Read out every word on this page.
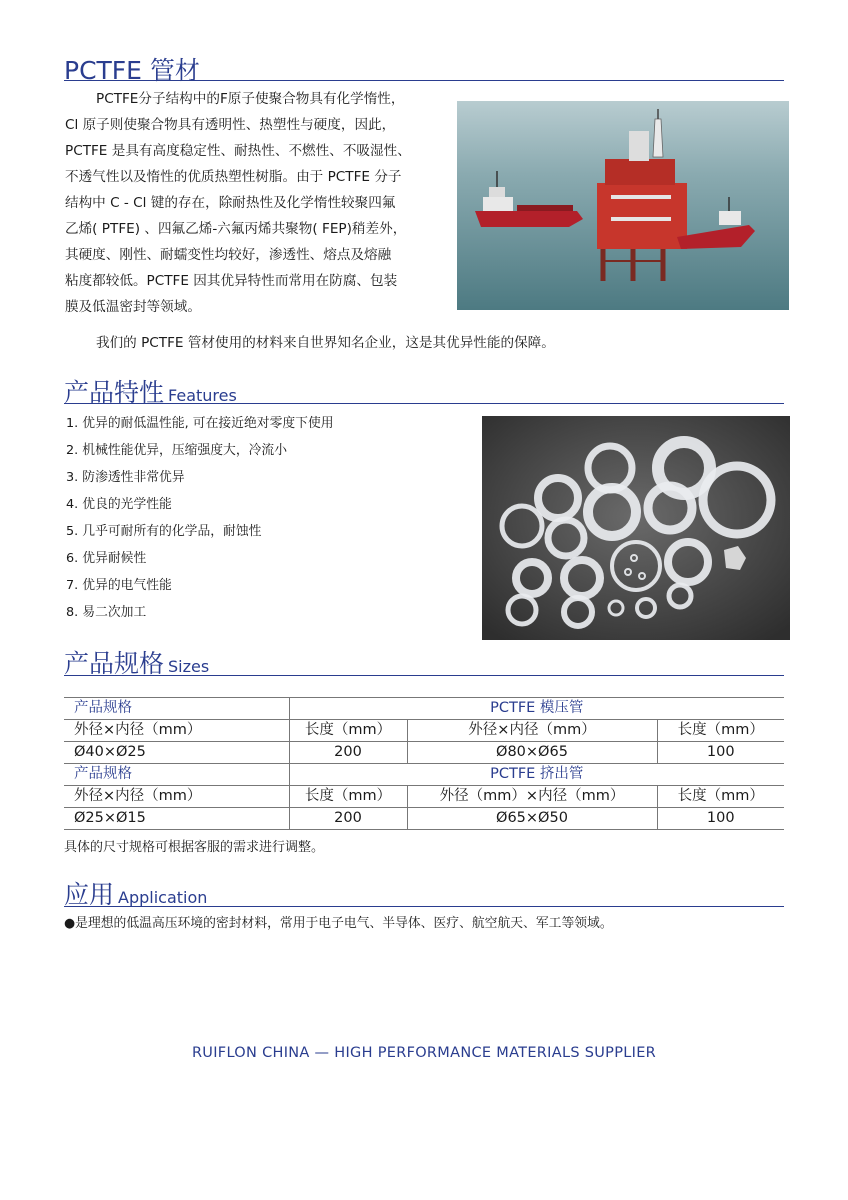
PCTFE 管材

PCTFE分子结构中的F原子使聚合物具有化学惰性，

Cl 原子则使聚合物具有透明性、热塑性与硬度，因此，

PCTFE 是具有高度稳定性、耐热性、不燃性、不吸湿性、

不透气性以及惰性的优质热塑性树脂。由于 PCTFE 分子

结构中 C - Cl 键的存在，除耐热性及化学惰性较聚四氟

乙烯( PTFE) 、四氟乙烯-六氟丙烯共聚物( FEP)稍差外，

其硬度、刚性、耐蠕变性均较好，渗透性、熔点及熔融

粘度都较低。PCTFE 因其优异特性而常用在防腐、包装

膜及低温密封等领域。

我们的 PCTFE 管材使用的材料来自世界知名企业，这是其优异性能的保障。

产品特性 Features
1. 优异的耐低温性能, 可在接近绝对零度下使用
2. 机械性能优异，压缩强度大，冷流小
3. 防渗透性非常优异
4. 优良的光学性能
5. 几乎可耐所有的化学品，耐蚀性
6. 优异耐候性
7. 优异的电气性能
8. 易二次加工
产品规格 Sizes
产品规格	PCTFE 模压管		
外径×内径（mm）	长度（mm）	外径×内径（mm）	长度（mm）
Ø40×Ø25	200	Ø80×Ø65	100
产品规格	PCTFE 挤出管		
外径×内径（mm）	长度（mm）	外径（mm）×内径（mm）	长度（mm）
Ø25×Ø15	200	Ø65×Ø50	100
具体的尺寸规格可根据客服的需求进行调整。
应用 Application
●是理想的低温高压环境的密封材料，常用于电子电气、半导体、医疗、航空航天、军工等领域。
RUIFLON CHINA — HIGH PERFORMANCE MATERIALS SUPPLIER
